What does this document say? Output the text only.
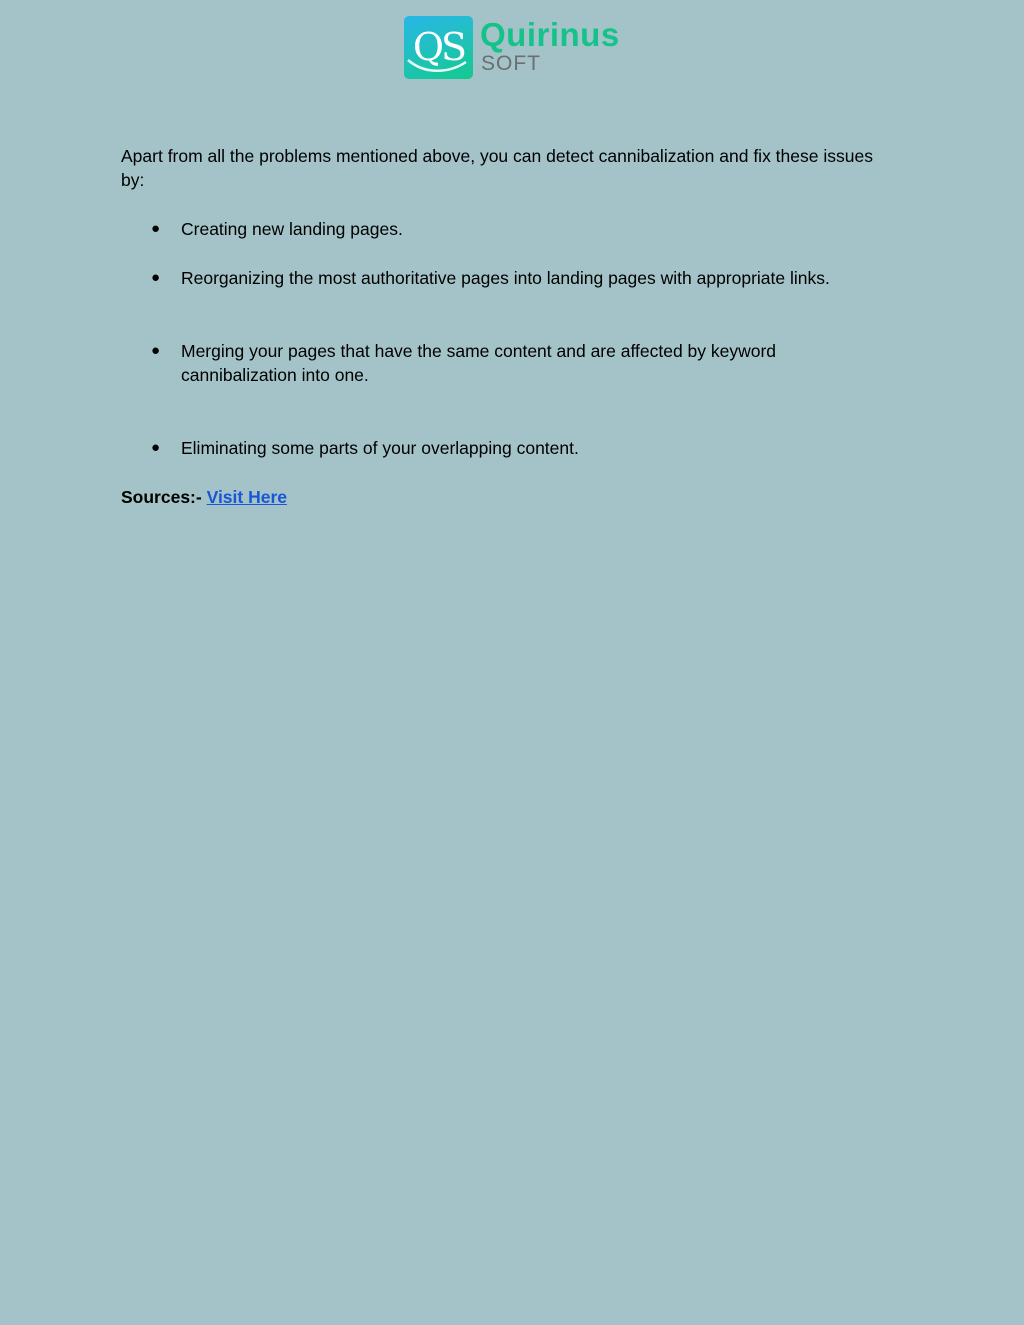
QS Quirinus
SOFT

Apart from all the problems mentioned above, you can detect cannibalization and fix these issues by:

● Creating new landing pages.
● Reorganizing the most authoritative pages into landing pages with appropriate links.
● Merging your pages that have the same content and are affected by keyword cannibalization into one.
● Eliminating some parts of your overlapping content.
Sources:- Visit Here
